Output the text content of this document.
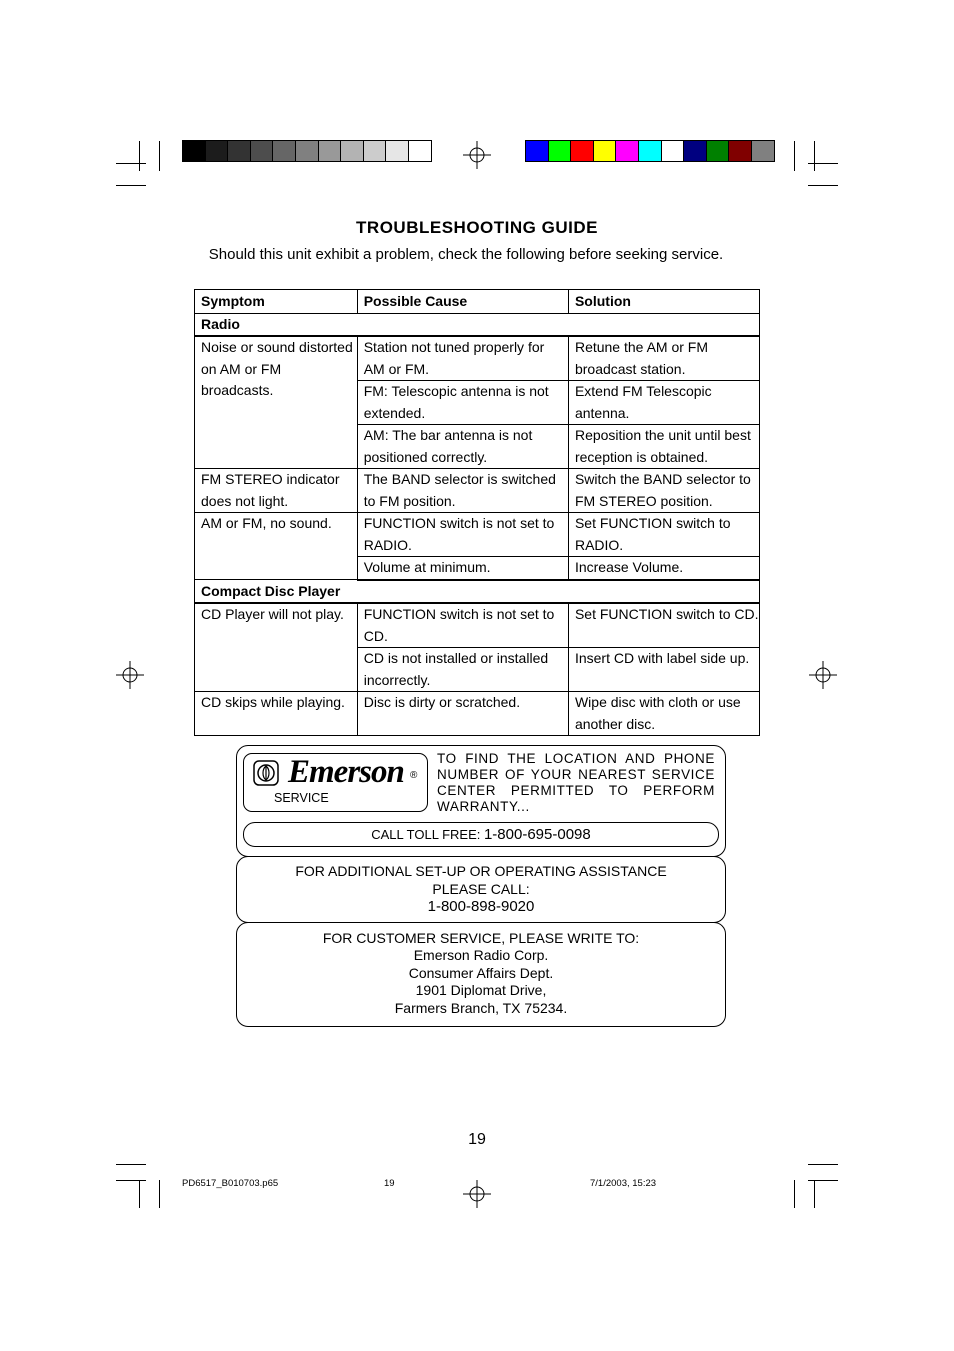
TROUBLESHOOTING GUIDE
Should this unit exhibit a problem, check the following before seeking service.
Symptom	Possible Cause	Solution
Radio		
Noise or sound distorted on AM or FM broadcasts.	Station not tuned properly for AM or FM.	Retune the AM or FM broadcast station.
	FM: Telescopic antenna is not extended.	Extend FM Telescopic antenna.
	AM: The bar antenna is not positioned correctly.	Reposition the unit until best reception is obtained.
FM STEREO indicator does not light.	The BAND selector is switched to FM position.	Switch the BAND selector to FM STEREO position.
AM or FM, no sound.	FUNCTION switch is not set to RADIO.	Set FUNCTION switch to RADIO.
	Volume at minimum.	Increase Volume.
Compact Disc Player		
CD Player will not play.	FUNCTION switch is not set to CD.	Set FUNCTION switch to CD.
	CD is not installed or installed incorrectly.	Insert CD with label side up.
CD skips while playing.	Disc is dirty or scratched.	Wipe disc with cloth or use another disc.
Emerson ®
SERVICE
TO FIND THE LOCATION AND PHONE NUMBER OF YOUR NEAREST SERVICE CENTER PERMITTED TO PERFORM WARRANTY...
CALL TOLL FREE: 1-800-695-0098
FOR ADDITIONAL SET-UP OR OPERATING ASSISTANCE
PLEASE CALL:
1-800-898-9020
FOR CUSTOMER SERVICE, PLEASE WRITE TO:
Emerson Radio Corp.
Consumer Affairs Dept.
1901 Diplomat Drive,
Farmers Branch, TX 75234.
19
PD6517_B010703.p65	19	7/1/2003, 15:23
